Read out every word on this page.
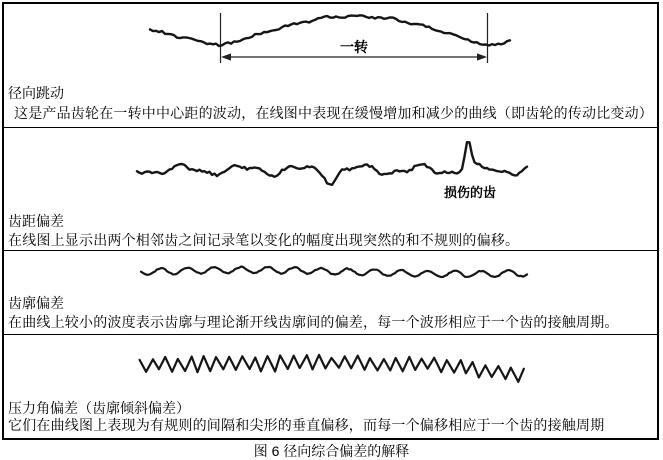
一转
损伤的齿
径向跳动
这是产品齿轮在一转中中心距的波动，在线图中表现在缓慢增加和减少的曲线（即齿轮的传动比变动）
齿距偏差
在线图上显示出两个相邻齿之间记录笔以变化的幅度出现突然的和不规则的偏移。
齿廓偏差
在曲线上较小的波度表示齿廓与理论渐开线齿廓间的偏差，每一个波形相应于一个齿的接触周期。
压力角偏差（齿廓倾斜偏差）
它们在曲线图上表现为有规则的间隔和尖形的垂直偏移，而每一个偏移相应于一个齿的接触周期
图 6 径向综合偏差的解释
